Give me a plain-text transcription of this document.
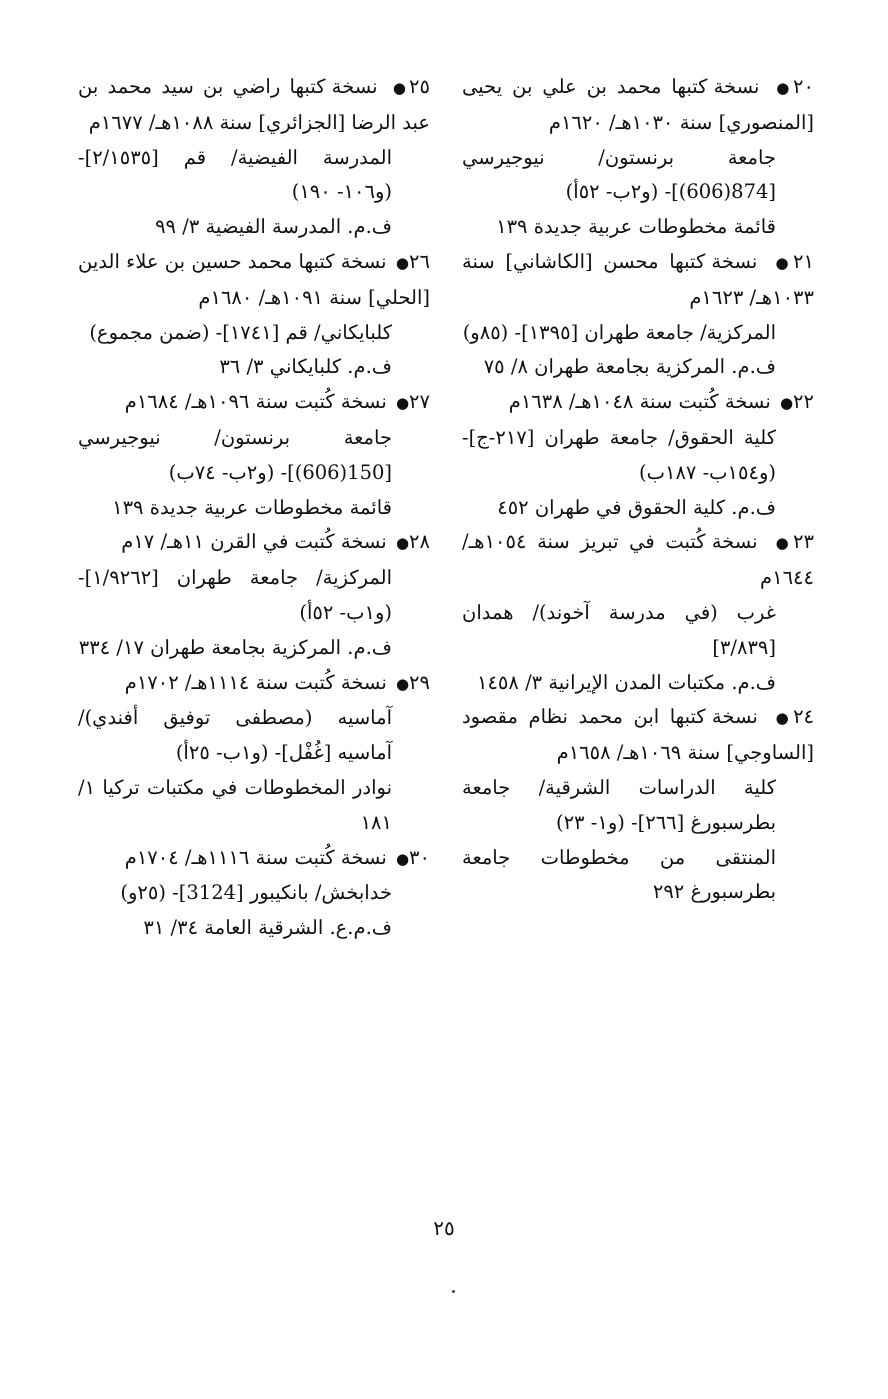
٢٠● نسخة كتبها محمد بن علي بن يحيى [المنصوري] سنة ١٠٣٠هـ/ ١٦٢٠م
جامعة برنستون/ نيوجيرسي [874(606)]- (و٢ب- ٥٢أ)
قائمة مخطوطات عربية جديدة ١٣٩
٢١● نسخة كتبها محسن [الكاشاني] سنة ١٠٣٣هـ/ ١٦٢٣م
المركزية/ جامعة طهران [١٣٩٥]- (٨٥و)
ف.م. المركزية بجامعة طهران ٨/ ٧٥
٢٢● نسخة كُتبت سنة ١٠٤٨هـ/ ١٦٣٨م
كلية الحقوق/ جامعة طهران [٢١٧-ج]- (و١٥٤ب- ١٨٧ب)
ف.م. كلية الحقوق في طهران ٤٥٢
٢٣● نسخة كُتبت في تبريز سنة ١٠٥٤هـ/ ١٦٤٤م
غرب (في مدرسة آخوند)/ همدان [٣/٨٣٩]
ف.م. مكتبات المدن الإيرانية ٣/ ١٤٥٨
٢٤● نسخة كتبها ابن محمد نظام مقصود [الساوجي] سنة ١٠٦٩هـ/ ١٦٥٨م
كلية الدراسات الشرقية/ جامعة بطرسبورغ [٢٦٦]- (و١- ٢٣)
المنتقى من مخطوطات جامعة بطرسبورغ ٢٩٢
٢٥● نسخة كتبها راضي بن سيد محمد بن عبد الرضا [الجزائري] سنة ١٠٨٨هـ/ ١٦٧٧م
المدرسة الفيضية/ قم [٢/١٥٣٥]- (و١٠٦- ١٩٠)
ف.م. المدرسة الفيضية ٣/ ٩٩
٢٦● نسخة كتبها محمد حسين بن علاء الدين [الحلي] سنة ١٠٩١هـ/ ١٦٨٠م
كلبايكاني/ قم [١٧٤١]- (ضمن مجموع)
ف.م. كلبايكاني ٣/ ٣٦
٢٧● نسخة كُتبت سنة ١٠٩٦هـ/ ١٦٨٤م
جامعة برنستون/ نيوجيرسي [150(606)]- (و٢ب- ٧٤ب)
قائمة مخطوطات عربية جديدة ١٣٩
٢٨● نسخة كُتبت في القرن ١١هـ/ ١٧م
المركزية/ جامعة طهران [١/٩٢٦٢]- (و١ب- ٥٢أ)
ف.م. المركزية بجامعة طهران ١٧/ ٣٣٤
٢٩● نسخة كُتبت سنة ١١١٤هـ/ ١٧٠٢م
آماسيه (مصطفى توفيق أفندي)/ آماسيه [غُفْل]- (و١ب- ٢٥أ)
نوادر المخطوطات في مكتبات تركيا ١/ ١٨١
٣٠● نسخة كُتبت سنة ١١١٦هـ/ ١٧٠٤م
خدابخش/ بانكيبور [3124]- (٢٥و)
ف.م.ع. الشرقية العامة ٣٤/ ٣١
٢٥
